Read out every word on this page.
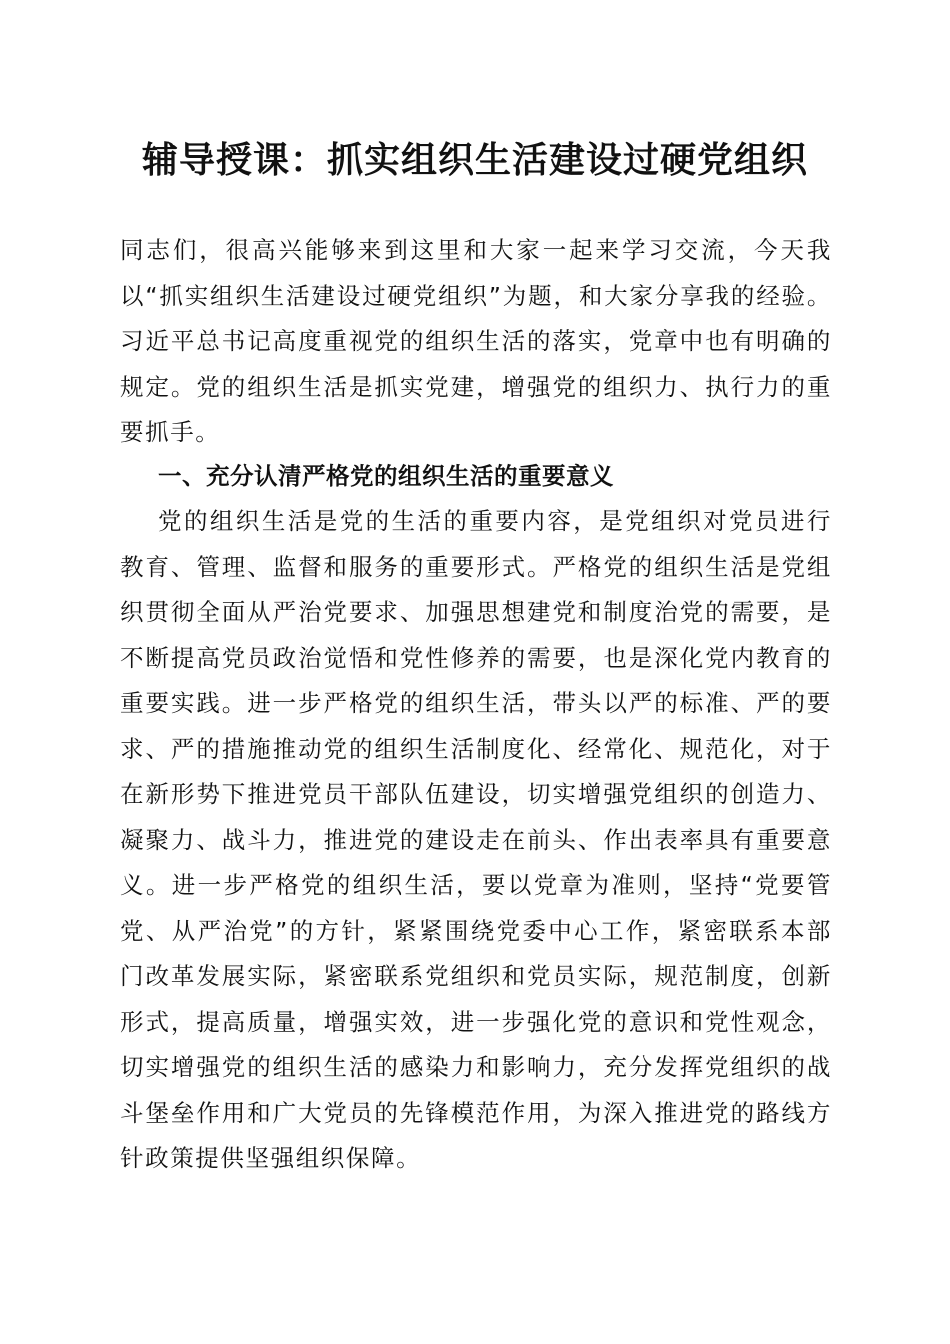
辅导授课：抓实组织生活建设过硬党组织

同志们，很高兴能够来到这里和大家一起来学习交流，今天我以“抓实组织生活建设过硬党组织”为题，和大家分享我的经验。习近平总书记高度重视党的组织生活的落实，党章中也有明确的规定。党的组织生活是抓实党建，增强党的组织力、执行力的重要抓手。

一、充分认清严格党的组织生活的重要意义

党的组织生活是党的生活的重要内容，是党组织对党员进行教育、管理、监督和服务的重要形式。严格党的组织生活是党组织贯彻全面从严治党要求、加强思想建党和制度治党的需要，是不断提高党员政治觉悟和党性修养的需要，也是深化党内教育的重要实践。进一步严格党的组织生活，带头以严的标准、严的要求、严的措施推动党的组织生活制度化、经常化、规范化，对于在新形势下推进党员干部队伍建设，切实增强党组织的创造力、凝聚力、战斗力，推进党的建设走在前头、作出表率具有重要意义。进一步严格党的组织生活，要以党章为准则，坚持“党要管党、从严治党”的方针，紧紧围绕党委中心工作，紧密联系本部门改革发展实际，紧密联系党组织和党员实际，规范制度，创新形式，提高质量，增强实效，进一步强化党的意识和党性观念，切实增强党的组织生活的感染力和影响力，充分发挥党组织的战斗堡垒作用和广大党员的先锋模范作用，为深入推进党的路线方针政策提供坚强组织保障。
